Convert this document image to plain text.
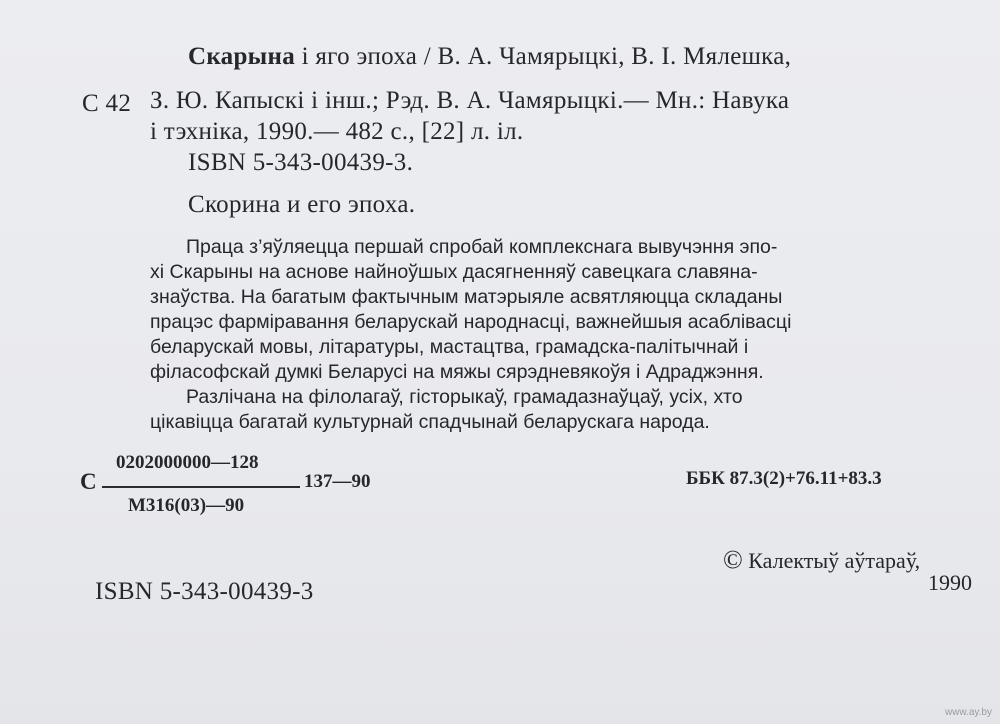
Скарына і яго эпоха / В. А. Чамярыцкі, В. І. Мялешка,
С 42 З. Ю. Капыскі і інш.; Рэд. В. А. Чамярыцкі.— Мн.: Навука
і тэхніка, 1990.— 482 с., [22] л. іл.
ISBN 5-343-00439-3.
Скорина и его эпоха.
Праца з’яўляецца першай спробай комплекснага вывучэння эпо-
хі Скарыны на аснове найноўшых дасягненняў савецкага славяна-
знаўства. На багатым фактычным матэрыяле асвятляюцца складаны
працэс фарміравання беларускай народнасці, важнейшыя асаблівасці
беларускай мовы, літаратуры, мастацтва, грамадска-палітычнай і
філасофскай думкі Беларусі на мяжы сярэдневякоўя і Адраджэння.
Разлічана на філолагаў, гісторыкаў, грамадазнаўцаў, усіх, хто
цікавіцца багатай культурнай спадчынай беларускага народа.
0202000000—128
С	137—90
М316(03)—90
ББК 87.3(2)+76.11+83.3
© Калектыў аўтараў,
1990
ISBN 5-343-00439-3
www.ay.by
